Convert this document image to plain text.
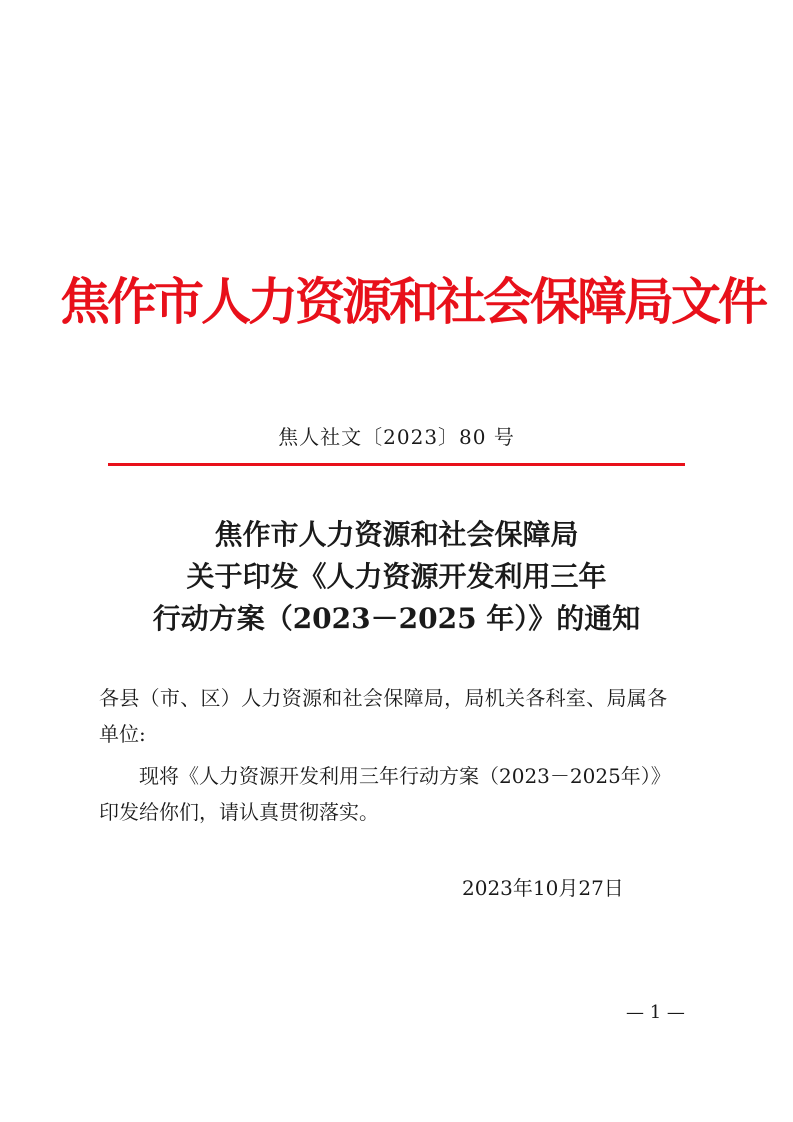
焦作市人力资源和社会保障局文件
焦人社文〔2023〕80 号
焦作市人力资源和社会保障局
关于印发《人力资源开发利用三年
行动方案（2023－2025 年）》的通知
各县（市、区）人力资源和社会保障局，局机关各科室、局属各
单位:
现将《人力资源开发利用三年行动方案（2023－2025年）》
印发给你们，请认真贯彻落实。
2023年10月27日
— 1 —
